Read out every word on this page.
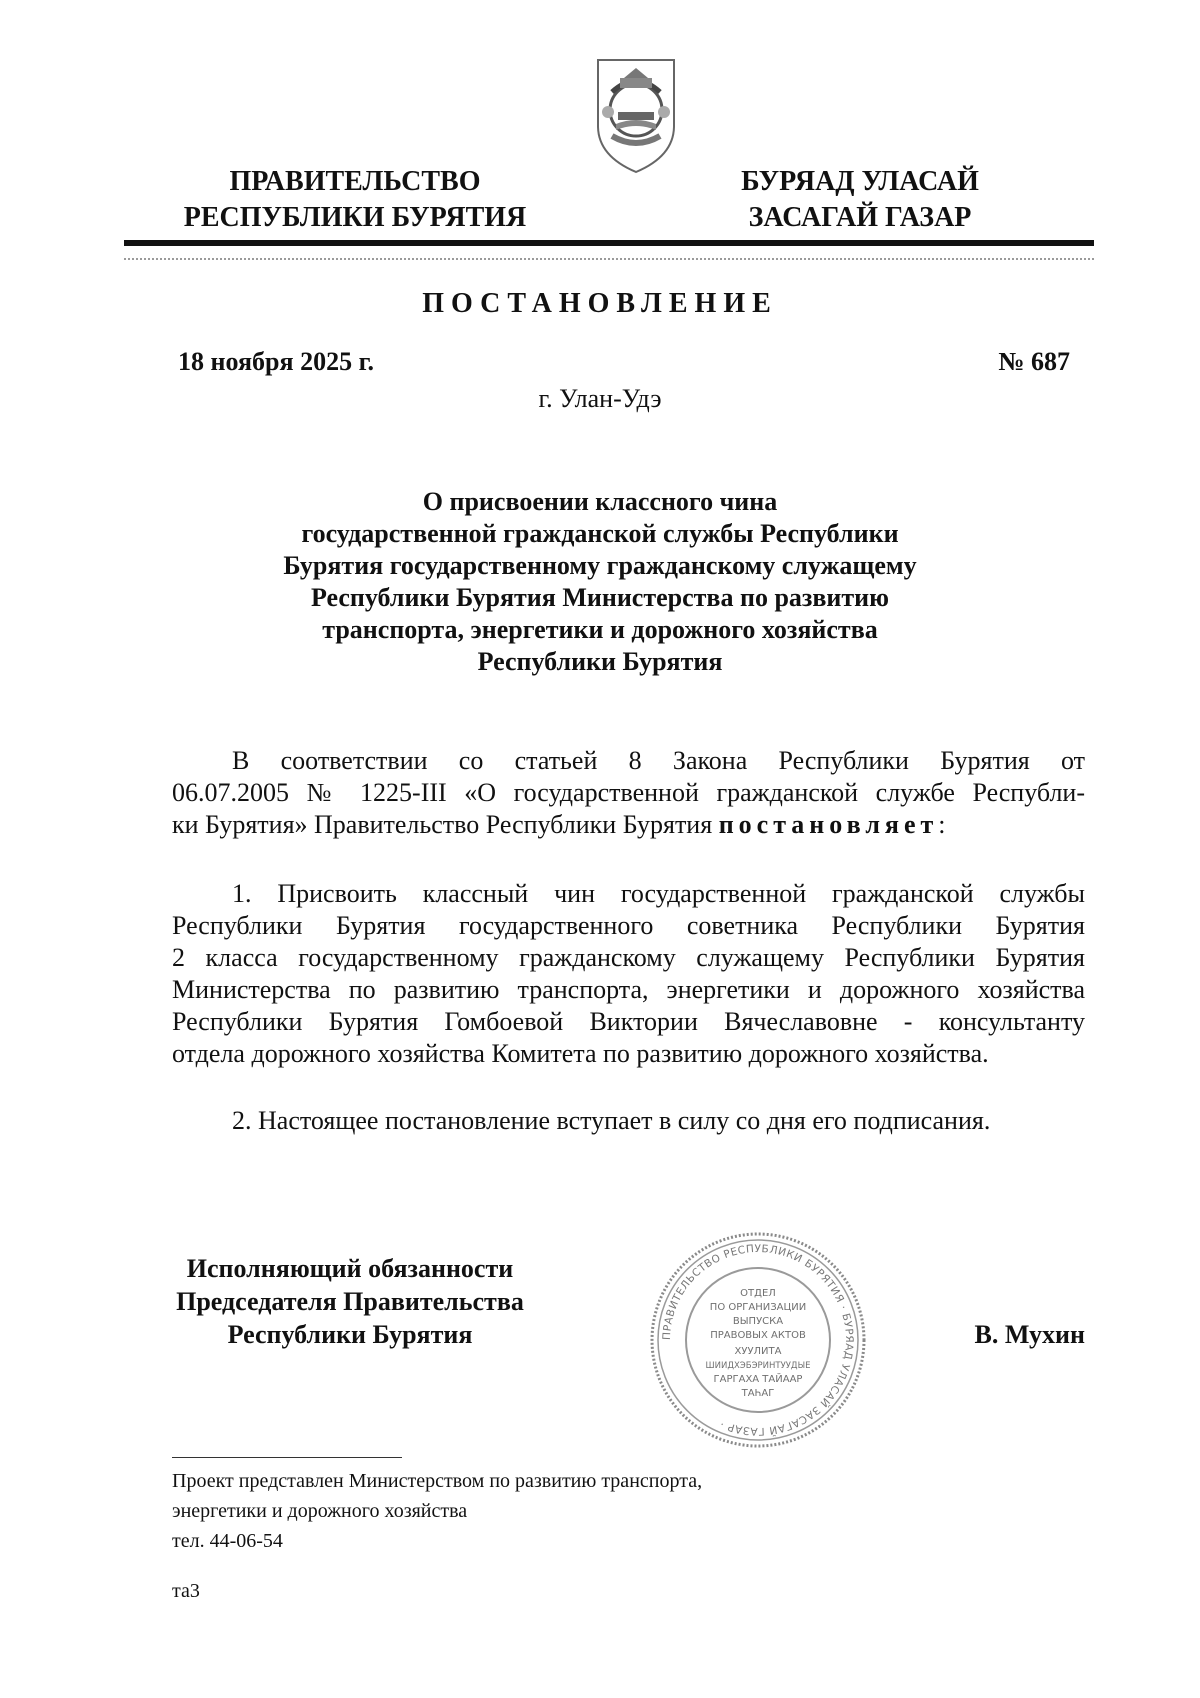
ПРАВИТЕЛЬСТВО
РЕСПУБЛИКИ БУРЯТИЯ
БУРЯАД УЛАСАЙ
ЗАСАГАЙ ГАЗАР
ПОСТАНОВЛЕНИЕ
18 ноября 2025 г.	№ 687
г. Улан-Удэ
О присвоении классного чина
государственной гражданской службы Республики
Бурятия государственному гражданскому служащему
Республики Бурятия Министерства по развитию
транспорта, энергетики и дорожного хозяйства
Республики Бурятия
В соответствии со статьей 8 Закона Республики Бурятия от
06.07.2005 № 1225-III «О государственной гражданской службе Республи-
ки Бурятия» Правительство Республики Бурятия постановляет:
1. Присвоить классный чин государственной гражданской службы
Республики Бурятия государственного советника Республики Бурятия
2 класса государственному гражданскому служащему Республики Бурятия
Министерства по развитию транспорта, энергетики и дорожного хозяйства
Республики Бурятия Гомбоевой Виктории Вячеславовне - консультанту
отдела дорожного хозяйства Комитета по развитию дорожного хозяйства.
2. Настоящее постановление вступает в силу со дня его подписания.
Исполняющий обязанности
Председателя Правительства
Республики Бурятия	ПРАВИТЕЛЬСТВО РЕСПУБЛИКИ БУРЯТИЯ · БУРЯАД УЛАСАЙ ЗАСАГАЙ ГАЗАР ·
ОТДЕЛ
ПО ОРГАНИЗАЦИИ
ВЫПУСКА
ПРАВОВЫХ АКТОВ
ХУУЛИТА
ШИИДХЭБЭРИНТУУДЫЕ
ГАРГАХА ТАЙААР
ТАҺАГ
В. Мухин
Проект представлен Министерством по развитию транспорта,
энергетики и дорожного хозяйства
тел. 44-06-54
та3
